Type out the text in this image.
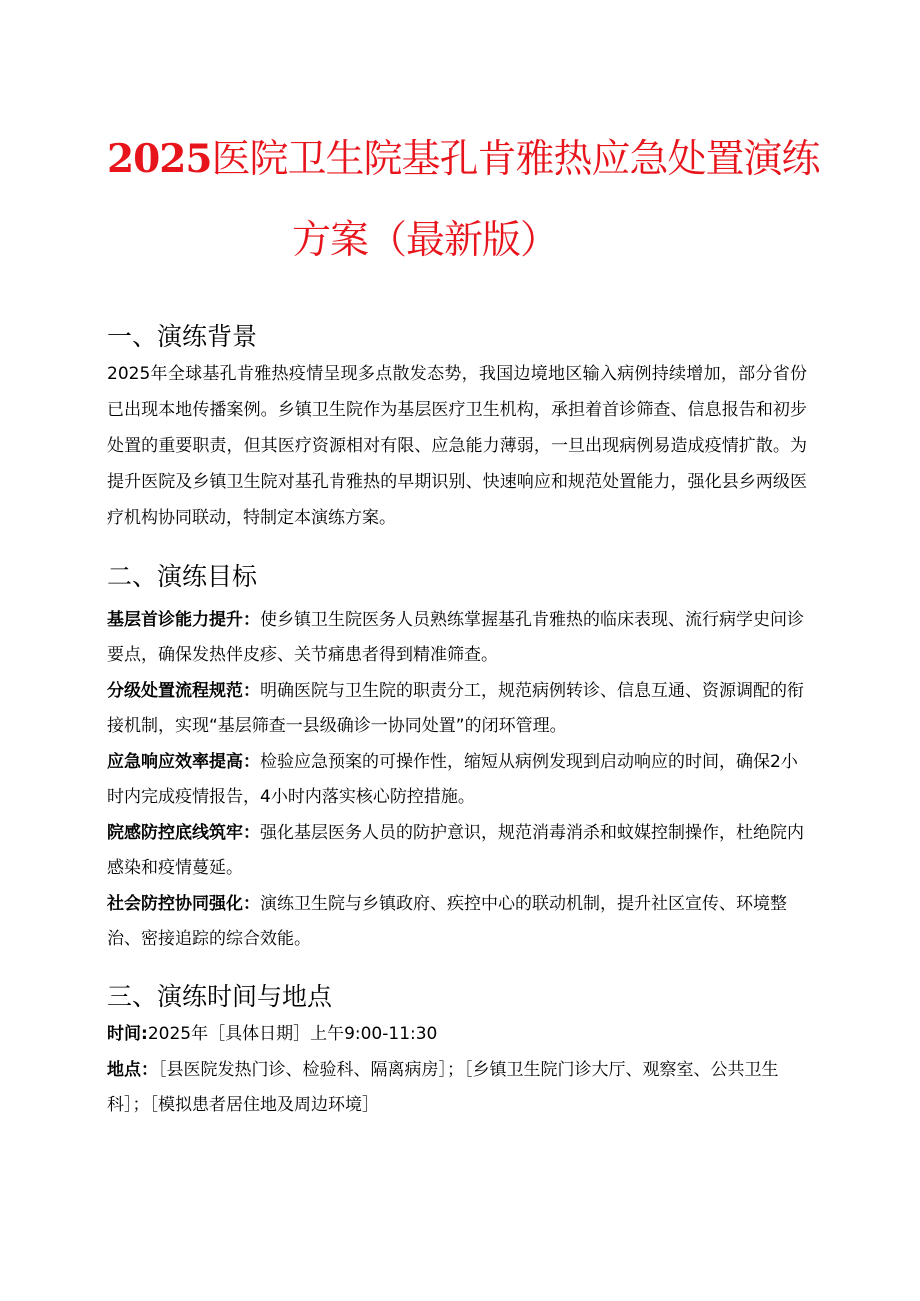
2025医院卫生院基孔肯雅热应急处置演练
方案（最新版）
一、演练背景

2025年全球基孔肯雅热疫情呈现多点散发态势，我国边境地区输入病例持续增加，部分省份已出现本地传播案例。乡镇卫生院作为基层医疗卫生机构，承担着首诊筛查、信息报告和初步处置的重要职责，但其医疗资源相对有限、应急能力薄弱，一旦出现病例易造成疫情扩散。为提升医院及乡镇卫生院对基孔肯雅热的早期识别、快速响应和规范处置能力，强化县乡两级医疗机构协同联动，特制定本演练方案。

二、演练目标

基层首诊能力提升：使乡镇卫生院医务人员熟练掌握基孔肯雅热的临床表现、流行病学史问诊要点，确保发热伴皮疹、关节痛患者得到精准筛查。

分级处置流程规范：明确医院与卫生院的职责分工，规范病例转诊、信息互通、资源调配的衔接机制，实现“基层筛查一县级确诊一协同处置”的闭环管理。

应急响应效率提高：检验应急预案的可操作性，缩短从病例发现到启动响应的时间，确保2小时内完成疫情报告，4小时内落实核心防控措施。

院感防控底线筑牢：强化基层医务人员的防护意识，规范消毒消杀和蚊媒控制操作，杜绝院内感染和疫情蔓延。

社会防控协同强化：演练卫生院与乡镇政府、疾控中心的联动机制，提升社区宣传、环境整治、密接追踪的综合效能。

三、演练时间与地点

时间:2025年［具体日期］上午9:00-11:30

地点：［县医院发热门诊、检验科、隔离病房］；［乡镇卫生院门诊大厅、观察室、公共卫生科］；［模拟患者居住地及周边环境］
